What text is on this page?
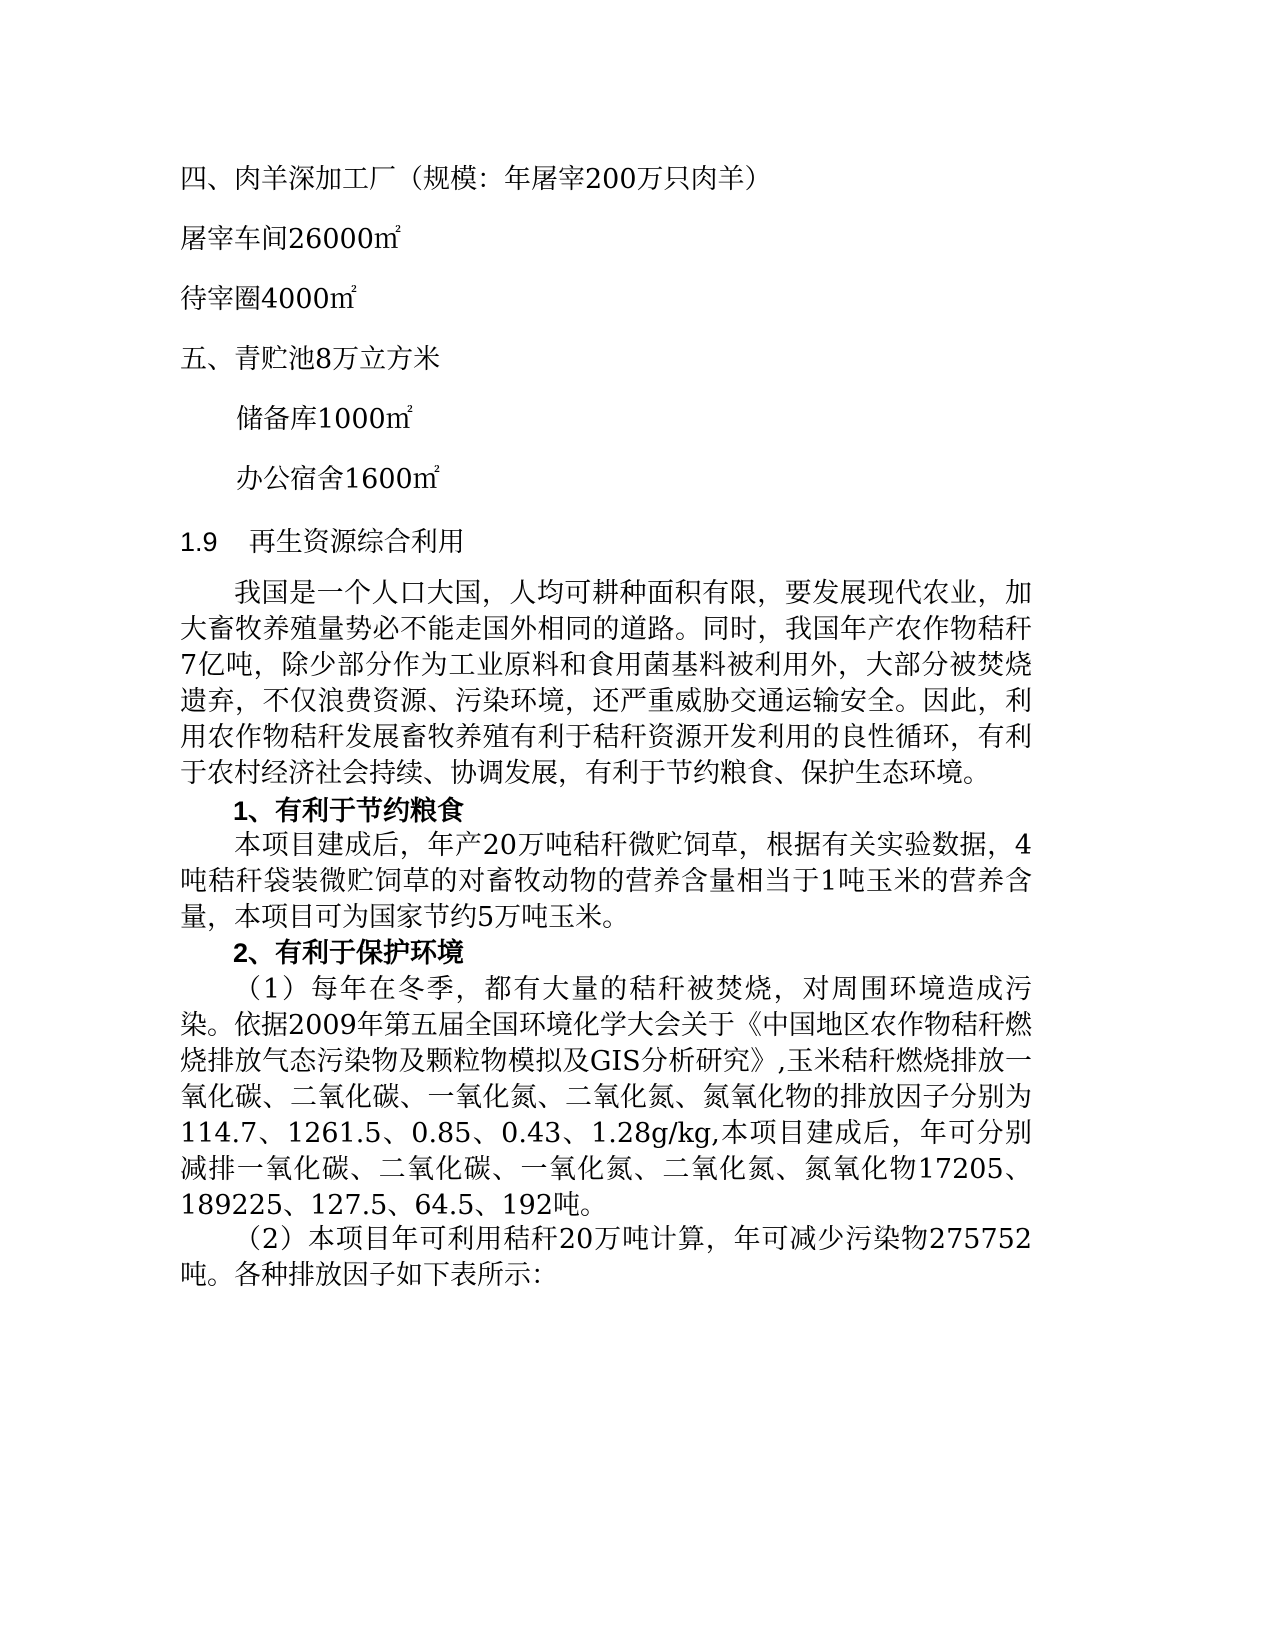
四、肉羊深加工厂（规模：年屠宰200万只肉羊）
屠宰车间26000㎡
待宰圈4000㎡
五、青贮池8万立方米
储备库1000㎡
办公宿舍1600㎡
1.9 再生资源综合利用
我国是一个人口大国，人均可耕种面积有限，要发展现代农业，加大畜牧养殖量势必不能走国外相同的道路。同时，我国年产农作物秸秆7亿吨，除少部分作为工业原料和食用菌基料被利用外，大部分被焚烧遗弃，不仅浪费资源、污染环境，还严重威胁交通运输安全。因此，利用农作物秸秆发展畜牧养殖有利于秸秆资源开发利用的良性循环，有利于农村经济社会持续、协调发展，有利于节约粮食、保护生态环境。
1、有利于节约粮食
本项目建成后，年产20万吨秸秆微贮饲草，根据有关实验数据，4吨秸秆袋装微贮饲草的对畜牧动物的营养含量相当于1吨玉米的营养含量，本项目可为国家节约5万吨玉米。
2、有利于保护环境
（1）每年在冬季，都有大量的秸秆被焚烧，对周围环境造成污染。依据2009年第五届全国环境化学大会关于《中国地区农作物秸秆燃烧排放气态污染物及颗粒物模拟及GIS分析研究》,玉米秸秆燃烧排放一氧化碳、二氧化碳、一氧化氮、二氧化氮、氮氧化物的排放因子分别为114.7、1261.5、0.85、0.43、1.28g/kg,本项目建成后，年可分别减排一氧化碳、二氧化碳、一氧化氮、二氧化氮、氮氧化物17205、189225、127.5、64.5、192吨。
（2）本项目年可利用秸秆20万吨计算，年可减少污染物275752吨。各种排放因子如下表所示：
